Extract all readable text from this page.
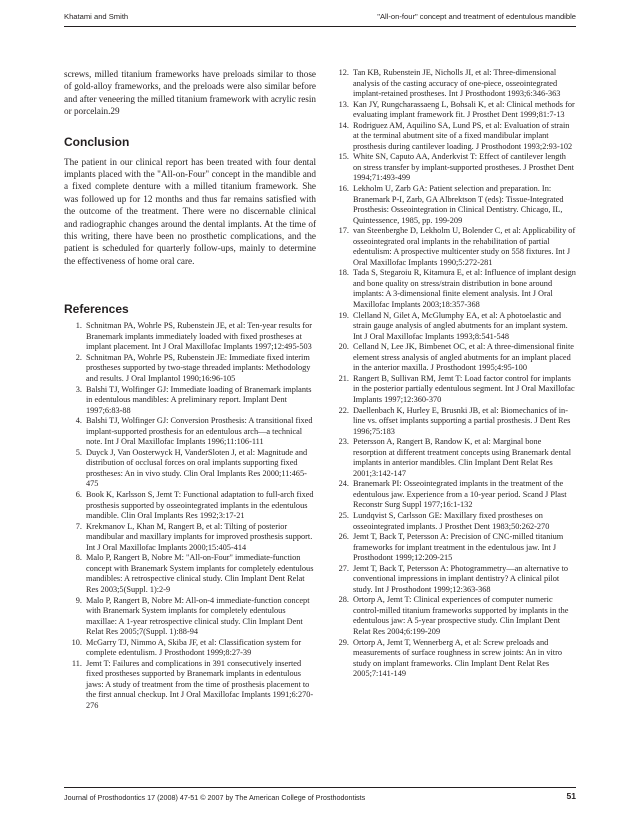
Khatami and Smith	"All-on-four" concept and treatment of edentulous mandible

screws, milled titanium frameworks have preloads similar to those of gold-alloy frameworks, and the preloads were also similar before and after veneering the milled titanium framework with acrylic resin or porcelain.29

Conclusion

The patient in our clinical report has been treated with four dental implants placed with the "All-on-Four" concept in the mandible and a fixed complete denture with a milled titanium framework. She was followed up for 12 months and thus far remains satisfied with the outcome of the treatment. There were no discernable clinical and radiographic changes around the dental implants. At the time of this writing, there have been no prosthetic complications, and the patient is scheduled for quarterly follow-ups, mainly to determine the effectiveness of home oral care.

References
1. Schnitman PA, Wohrle PS, Rubenstein JE, et al: Ten-year results for Branemark implants immediately loaded with fixed prostheses at implant placement. Int J Oral Maxillofac Implants 1997;12:495-503
2. Schnitman PA, Wohrle PS, Rubenstein JE: Immediate fixed interim prostheses supported by two-stage threaded implants: Methodology and results. J Oral Implantol 1990;16:96-105
3. Balshi TJ, Wolfinger GJ: Immediate loading of Branemark implants in edentulous mandibles: A preliminary report. Implant Dent 1997;6:83-88
4. Balshi TJ, Wolfinger GJ: Conversion Prosthesis: A transitional fixed implant-supported prosthesis for an edentulous arch—a technical note. Int J Oral Maxillofac Implants 1996;11:106-111
5. Duyck J, Van Oosterwyck H, VanderSloten J, et al: Magnitude and distribution of occlusal forces on oral implants supporting fixed prostheses: An in vivo study. Clin Oral Implants Res 2000;11:465-475
6. Book K, Karlsson S, Jemt T: Functional adaptation to full-arch fixed prosthesis supported by osseointegrated implants in the edentulous mandible. Clin Oral Implants Res 1992;3:17-21
7. Krekmanov L, Khan M, Rangert B, et al: Tilting of posterior mandibular and maxillary implants for improved prosthesis support. Int J Oral Maxillofac Implants 2000;15:405-414
8. Malo P, Rangert B, Nobre M: "All-on-Four" immediate-function concept with Branemark System implants for completely edentulous mandibles: A retrospective clinical study. Clin Implant Dent Relat Res 2003;5(Suppl. 1):2-9
9. Malo P, Rangert B, Nobre M: All-on-4 immediate-function concept with Branemark System implants for completely edentulous maxillae: A 1-year retrospective clinical study. Clin Implant Dent Relat Res 2005;7(Suppl. 1):88-94
10. McGarry TJ, Nimmo A, Skiba JF, et al: Classification system for complete edentulism. J Prosthodont 1999;8:27-39
11. Jemt T: Failures and complications in 391 consecutively inserted fixed prostheses supported by Branemark implants in edentulous jaws: A study of treatment from the time of prosthesis placement to the first annual checkup. Int J Oral Maxillofac Implants 1991;6:270-276
12. Tan KB, Rubenstein JE, Nicholls JI, et al: Three-dimensional analysis of the casting accuracy of one-piece, osseointegrated implant-retained prostheses. Int J Prosthodont 1993;6:346-363
13. Kan JY, Rungcharassaeng L, Bohsali K, et al: Clinical methods for evaluating implant framework fit. J Prosthet Dent 1999;81:7-13
14. Rodriguez AM, Aquilino SA, Lund PS, et al: Evaluation of strain at the terminal abutment site of a fixed mandibular implant prosthesis during cantilever loading. J Prosthodont 1993;2:93-102
15. White SN, Caputo AA, Anderkvist T: Effect of cantilever length on stress transfer by implant-supported prostheses. J Prosthet Dent 1994;71:493-499
16. Lekholm U, Zarb GA: Patient selection and preparation. In: Branemark P-I, Zarb, GA Albrektson T (eds): Tissue-Integrated Prosthesis: Osseointegration in Clinical Dentistry. Chicago, IL, Quintessence, 1985, pp. 199-209
17. van Steenberghe D, Lekholm U, Bolender C, et al: Applicability of osseointegrated oral implants in the rehabilitation of partial edentulism: A prospective multicenter study on 558 fixtures. Int J Oral Maxillofac Implants 1990;5:272-281
18. Tada S, Stegaroiu R, Kitamura E, et al: Influence of implant design and bone quality on stress/strain distribution in bone around implants: A 3-dimensional finite element analysis. Int J Oral Maxillofac Implants 2003;18:357-368
19. Clelland N, Gilet A, McGlumphy EA, et al: A photoelastic and strain gauge analysis of angled abutments for an implant system. Int J Oral Maxillofac Implants 1993;8:541-548
20. Celland N, Lee JK, Bimbenet OC, et al: A three-dimensional finite element stress analysis of angled abutments for an implant placed in the anterior maxilla. J Prosthodont 1995;4:95-100
21. Rangert B, Sullivan RM, Jemt T: Load factor control for implants in the posterior partially edentulous segment. Int J Oral Maxillofac Implants 1997;12:360-370
22. Daellenbach K, Hurley E, Brusnki JB, et al: Biomechanics of in-line vs. offset implants supporting a partial prosthesis. J Dent Res 1996;75:183
23. Petersson A, Rangert B, Randow K, et al: Marginal bone resorption at different treatment concepts using Branemark dental implants in anterior mandibles. Clin Implant Dent Relat Res 2001;3:142-147
24. Branemark PI: Osseointegrated implants in the treatment of the edentulous jaw. Experience from a 10-year period. Scand J Plast Reconstr Surg Suppl 1977;16:1-132
25. Lundqvist S, Carlsson GE: Maxillary fixed prostheses on osseointegrated implants. J Prosthet Dent 1983;50:262-270
26. Jemt T, Back T, Petersson A: Precision of CNC-milled titanium frameworks for implant treatment in the edentulous jaw. Int J Prosthodont 1999;12:209-215
27. Jemt T, Back T, Petersson A: Photogrammetry—an alternative to conventional impressions in implant dentistry? A clinical pilot study. Int J Prosthodont 1999;12:363-368
28. Ortorp A, Jemt T: Clinical experiences of computer numeric control-milled titanium frameworks supported by implants in the edentulous jaw: A 5-year prospective study. Clin Implant Dent Relat Res 2004;6:199-209
29. Ortorp A, Jemt T, Wennerberg A, et al: Screw preloads and measurements of surface roughness in screw joints: An in vitro study on implant frameworks. Clin Implant Dent Relat Res 2005;7:141-149
Journal of Prosthodontics 17 (2008) 47-51 © 2007 by The American College of Prosthodontists	51
